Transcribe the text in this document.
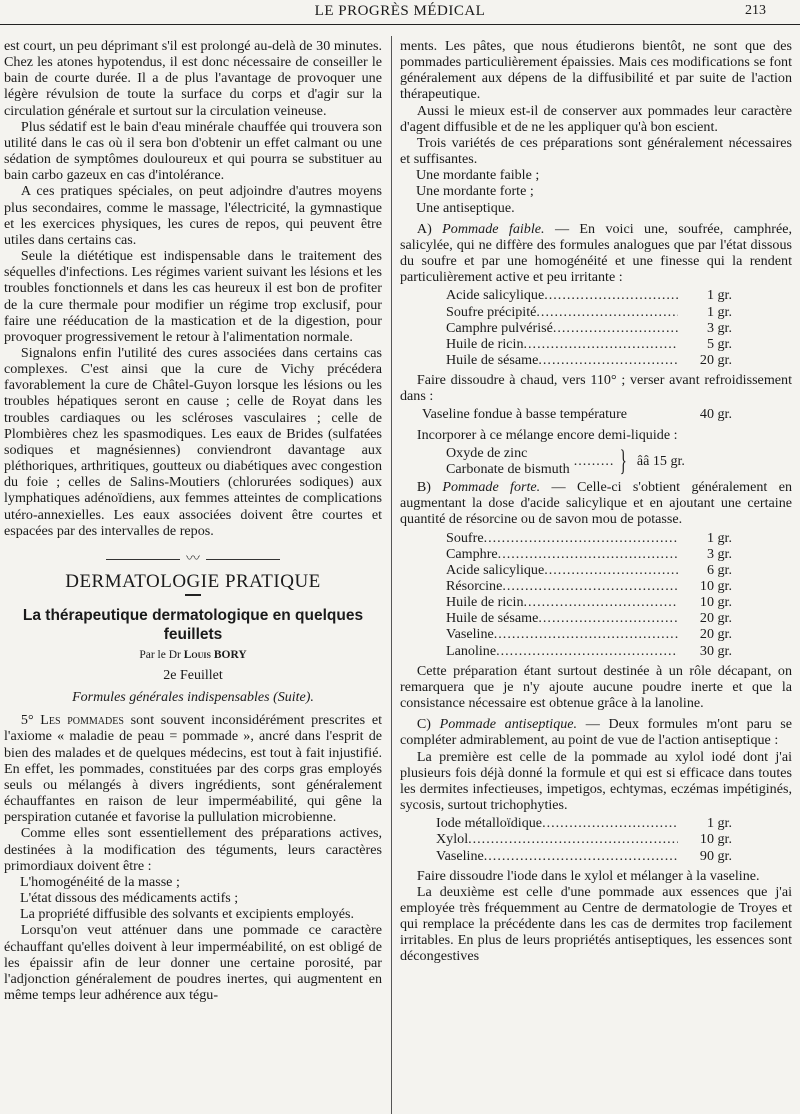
LE PROGRÈS MÉDICAL	213

est court, un peu déprimant s'il est prolongé au-delà de 30 minutes. Chez les atones hypotendus, il est donc nécessaire de conseiller le bain de courte durée. Il a de plus l'avantage de provoquer une légère révulsion de toute la surface du corps et d'agir sur la circulation générale et surtout sur la circulation veineuse.

Plus sédatif est le bain d'eau minérale chauffée qui trouvera son utilité dans le cas où il sera bon d'obtenir un effet calmant ou une sédation de symptômes douloureux et qui pourra se substituer au bain carbo gazeux en cas d'intolérance.

A ces pratiques spéciales, on peut adjoindre d'autres moyens plus secondaires, comme le massage, l'électricité, la gymnastique et les exercices physiques, les cures de repos, qui peuvent être utiles dans certains cas.

Seule la diététique est indispensable dans le traitement des séquelles d'infections. Les régimes varient suivant les lésions et les troubles fonctionnels et dans les cas heureux il est bon de profiter de la cure thermale pour modifier un régime trop exclusif, pour faire une rééducation de la mastication et de la digestion, pour provoquer progressivement le retour à l'alimentation normale.

Signalons enfin l'utilité des cures associées dans certains cas complexes. C'est ainsi que la cure de Vichy précédera favorablement la cure de Châtel-Guyon lorsque les lésions ou les troubles hépatiques seront en cause ; celle de Royat dans les troubles cardiaques ou les scléroses vasculaires ; celle de Plombières chez les spasmodiques. Les eaux de Brides (sulfatées sodiques et magnésiennes) conviendront davantage aux pléthoriques, arthritiques, goutteux ou diabétiques avec congestion du foie ; celles de Salins-Moutiers (chlorurées sodiques) aux lymphatiques adénoïdiens, aux femmes atteintes de complications utéro-annexielles. Les eaux associées doivent être courtes et espacées par des intervalles de repos.

〰
DERMATOLOGIE PRATIQUE
La thérapeutique dermatologique en quelques feuillets
Par le Dr Louis BORY
2e Feuillet
Formules générales indispensables (Suite).

5° Les pommades sont souvent inconsidérément prescrites et l'axiome « maladie de peau = pommade », ancré dans l'esprit de bien des malades et de quelques médecins, est tout à fait injustifié. En effet, les pommades, constituées par des corps gras employés seuls ou mélangés à divers ingrédients, sont généralement échauffantes en raison de leur imperméabilité, qui gêne la perspiration cutanée et favorise la pullulation microbienne.

Comme elles sont essentiellement des préparations actives, destinées à la modification des téguments, leurs caractères primordiaux doivent être :

L'homogénéité de la masse ;
L'état dissous des médicaments actifs ;
La propriété diffusible des solvants et excipients employés.

Lorsqu'on veut atténuer dans une pommade ce caractère échauffant qu'elles doivent à leur imperméabilité, on est obligé de les épaissir afin de leur donner une certaine porosité, par l'adjonction généralement de poudres inertes, qui augmentent en même temps leur adhérence aux tégu-

ments. Les pâtes, que nous étudierons bientôt, ne sont que des pommades particulièrement épaissies. Mais ces modifications se font généralement aux dépens de la diffusibilité et par suite de l'action thérapeutique.

Aussi le mieux est-il de conserver aux pommades leur caractère d'agent diffusible et de ne les appliquer qu'à bon escient.

Trois variétés de ces préparations sont généralement nécessaires et suffisantes.

Une mordante faible ;
Une mordante forte ;
Une antiseptique.

A) Pommade faible. — En voici une, soufrée, camphrée, salicylée, qui ne diffère des formules analogues que par l'état dissous du soufre et par une homogénéité et une finesse qui la rendent particulièrement active et peu irritante :

Acide salicylique .....	1 gr.
Soufre précipité .....	1 gr.
Camphre pulvérisé .....	3 gr.
Huile de ricin .....	5 gr.
Huile de sésame .....	20 gr.

Faire dissoudre à chaud, vers 110° ; verser avant refroidissement dans :

Vaseline fondue à basse température	40 gr.

Incorporer à ce mélange encore demi-liquide :

Oxyde de zinc
Carbonate de bismuth
......... } ââ 15 gr.

B) Pommade forte. — Celle-ci s'obtient généralement en augmentant la dose d'acide salicylique et en ajoutant une certaine quantité de résorcine ou de savon mou de potasse.

Soufre .....	1 gr.
Camphre .....	3 gr.
Acide salicylique .....	6 gr.
Résorcine .....	10 gr.
Huile de ricin .....	10 gr.
Huile de sésame .....	20 gr.
Vaseline .....	20 gr.
Lanoline .....	30 gr.

Cette préparation étant surtout destinée à un rôle décapant, on remarquera que je n'y ajoute aucune poudre inerte et que la consistance nécessaire est obtenue grâce à la lanoline.

C) Pommade antiseptique. — Deux formules m'ont paru se compléter admirablement, au point de vue de l'action antiseptique :

La première est celle de la pommade au xylol iodé dont j'ai plusieurs fois déjà donné la formule et qui est si efficace dans toutes les dermites infectieuses, impetigos, echtymas, eczémas impétiginés, sycosis, surtout trichophyties.

Iode métalloïdique .....	1 gr.
Xylol .....	10 gr.
Vaseline .....	90 gr.

Faire dissoudre l'iode dans le xylol et mélanger à la vaseline.

La deuxième est celle d'une pommade aux essences que j'ai employée très fréquemment au Centre de dermatologie de Troyes et qui remplace la précédente dans les cas de dermites trop facilement irritables. En plus de leurs propriétés antiseptiques, les essences sont décongestives
